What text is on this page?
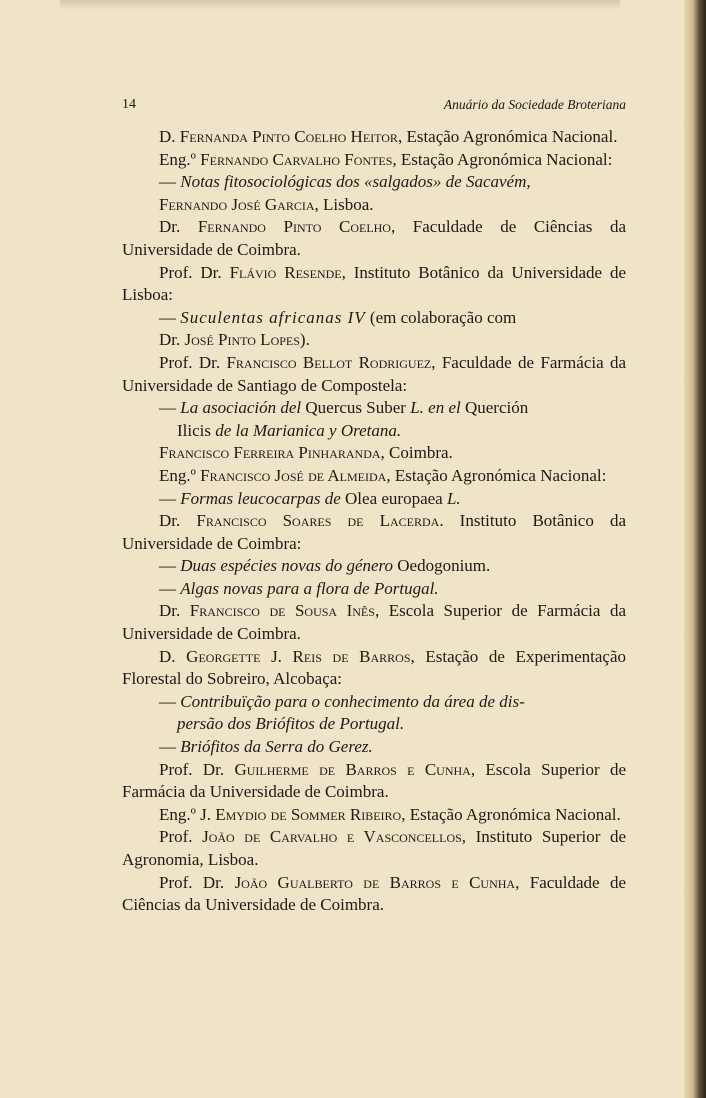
14	Anuário da Sociedade Broteriana

D. Fernanda Pinto Coelho Heitor, Estação Agronómica Nacional.

Eng.º Fernando Carvalho Fontes, Estação Agronómica Nacional:

— Notas fitosociológicas dos «salgados» de Sacavém,

Fernando José Garcia, Lisboa.

Dr. Fernando Pinto Coelho, Faculdade de Ciências da Universidade de Coimbra.

Prof. Dr. Flávio Resende, Instituto Botânico da Universidade de Lisboa:

— Suculentas africanas IV (em colaboração com
Dr. José Pinto Lopes).

Prof. Dr. Francisco Bellot Rodriguez, Faculdade de Farmácia da Universidade de Santiago de Compostela:

— La asociación del Quercus Suber L. en el Querción
Ilicis de la Marianica y Oretana.

Francisco Ferreira Pinharanda, Coimbra.

Eng.º Francisco José de Almeida, Estação Agronómica Nacional:

— Formas leucocarpas de Olea europaea L.

Dr. Francisco Soares de Lacerda. Instituto Botânico da Universidade de Coimbra:

— Duas espécies novas do género Oedogonium.

— Algas novas para a flora de Portugal.

Dr. Francisco de Sousa Inês, Escola Superior de Farmácia da Universidade de Coimbra.

D. Georgette J. Reis de Barros, Estação de Experimentação Florestal do Sobreiro, Alcobaça:

— Contribuïção para o conhecimento da área de dis-
persão dos Briófitos de Portugal.

— Briófitos da Serra do Gerez.

Prof. Dr. Guilherme de Barros e Cunha, Escola Superior de Farmácia da Universidade de Coimbra.

Eng.º J. Emydio de Sommer Ribeiro, Estação Agronómica Nacional.

Prof. João de Carvalho e Vasconcellos, Instituto Superior de Agronomia, Lisboa.

Prof. Dr. João Gualberto de Barros e Cunha, Faculdade de Ciências da Universidade de Coimbra.
